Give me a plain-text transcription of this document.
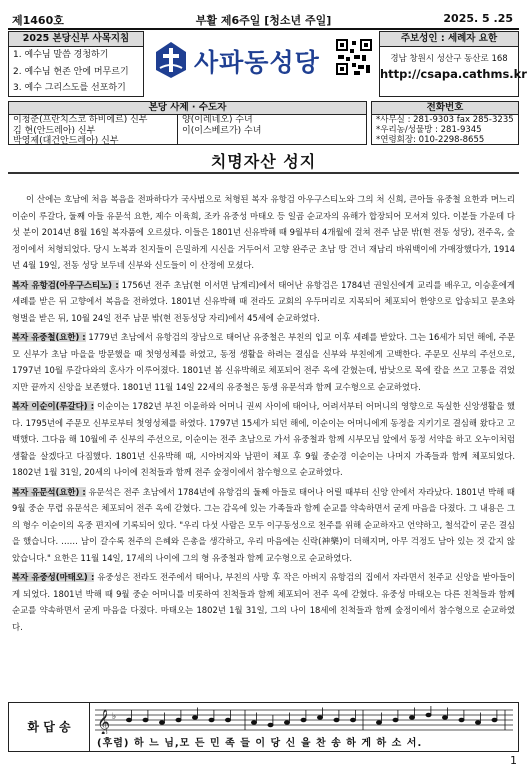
제1460호	부활 제6주일 [청소년 주일]	2025. 5 .25
2025 본당신부 사목지침
1. 예수님 말씀 경청하기
2. 예수님 현존 안에 머무르기
3. 예수 그리스도를 선포하기
사파동성당
주보성인 : 세례자 요한
경남 창원시 성산구 동산로 168
http://csapa.cathms.kr
본당 사제 · 수도자
이청준(프란치스코 하비에르) 신부
김 현(안드레아) 신부
박영제(대건안드레아) 신부
양(이레네오) 수녀
이(이스베르가) 수녀
전화번호
*사무실 : 281-9303 fax 285-3235
*우리농/성물방 : 281-9345
*연령회장: 010-2298-8655
치명자산 성지

이 산에는 호남에 처음 복음을 전파하다가 국사범으로 처형된 복자 유항검 아우구스티노와 그의 처 신희, 큰아들 유중철 요한과 며느리 이순이 루갈다, 둘째 아들 유문석 요한, 제수 이육희, 조카 유중성 마태오 등 일곱 순교자의 유해가 합장되어 모셔져 있다. 이분들 가운데 다섯 분이 2014년 8월 16일 복자품에 오르셨다. 이들은 1801년 신유박해 때 9월부터 4개월에 걸쳐 전주 남문 밖(현 전동 성당), 전주옥, 숲정이에서 처형되었다. 당시 노복과 친지들이 은밀하게 시신을 거두어서 고향 완주군 초남 땅 건너 재남리 바위백이에 가매장했다가, 1914년 4월 19일, 전동 성당 보두네 신부와 신도들이 이 산정에 모셨다.

복자 유항검(아우구스티노) : 1756년 전주 초남(현 이서면 남계리)에서 태어난 유항검은 1784년 권일신에게 교리를 배우고, 이승훈에게 세례를 받은 뒤 고향에서 복음을 전하였다. 1801년 신유박해 때 전라도 교회의 우두머리로 지목되어 체포되어 한양으로 압송되고 문초와 형벌을 받은 뒤, 10월 24일 전주 남문 밖(현 전동성당 자리)에서 45세에 순교하였다.

복자 유중철(요한) : 1779년 초남에서 유항검의 장남으로 태어난 유중철은 부친의 입교 이후 세례를 받았다. 그는 16세가 되던 해에, 주문모 신부가 초남 마을을 방문했을 때 첫영성체를 하였고, 동정 생활을 하려는 결심을 신부와 부친에게 고백한다. 주문모 신부의 주선으로, 1797년 10월 루갈다와의 혼사가 이루어졌다. 1801년 봄 신유박해로 체포되어 전주 옥에 갇혔는데, 밤낮으로 목에 칼을 쓰고 고통을 겪었지만 끝까지 신앙을 보존했다. 1801년 11월 14일 22세의 유중철은 동생 유문석과 함께 교수형으로 순교하였다.

복자 이순이(루갈다) : 이순이는 1782년 부친 이윤하와 어머니 권씨 사이에 태어나, 어려서부터 어머니의 영향으로 독실한 신앙생활을 했다. 1795년에 주문모 신부로부터 첫영성체를 하였다. 1797년 15세가 되던 해에, 이순이는 어머니에게 동정을 지키기로 결심해 왔다고 고백했다. 그다음 해 10월에 주 신부의 주선으로, 이순이는 전주 초남으로 가서 유중철과 함께 시부모님 앞에서 동정 서약을 하고 오누이처럼 생활을 살겠다고 다짐했다. 1801년 신유박해 때, 시아버지와 남편이 체포 후 9월 중순경 이순이는 나머지 가족들과 함께 체포되었다. 1802년 1월 31일, 20세의 나이에 친척들과 함께 전주 숲정이에서 참수형으로 순교하였다.

복자 유문석(요한) : 유문석은 전주 초남에서 1784년에 유항검의 둘째 아들로 태어나 어릴 때부터 신앙 안에서 자라났다. 1801년 박해 때 9월 중순 무렵 유문석은 체포되어 전주 옥에 갇혔다. 그는 감옥에 있는 가족들과 함께 순교를 약속하면서 굳게 마음을 다졌다. 그 내용은 그의 형수 이순이의 옥중 편지에 기록되어 있다. "우리 다섯 사람은 모두 이구동성으로 천주를 위해 순교하자고 언약하고, 철석같이 굳은 결심을 했습니다. …… 남이 갈수록 천주의 은혜와 은총을 생각하고, 우리 마음에는 신락(神樂)이 더해지며, 아무 걱정도 남아 있는 것 같지 않았습니다." 요한은 11월 14일, 17세의 나이에 그의 형 유중철과 함께 교수형으로 순교하였다.

복자 유중성(마태오) : 유중성은 전라도 전주에서 태어나, 부친의 사망 후 작은 아버지 유항검의 집에서 자라면서 천주교 신앙을 받아들이게 되었다. 1801년 박해 때 9월 중순 어머니를 비롯하여 친척들과 함께 체포되어 전주 옥에 갇혔다. 유중성 마태오는 다른 친척들과 함께 순교를 약속하면서 굳게 마음을 다졌다. 마태오는 1802년 1월 31일, 그의 나이 18세에 친척들과 함께 숲정이에서 참수형으로 순교하였다.

화 답 송	𝄞 ♭
(후렴) 하 느 님,모 든 민 족 들 이 당 신 을 찬 송 하 게 하 소 서.
1
